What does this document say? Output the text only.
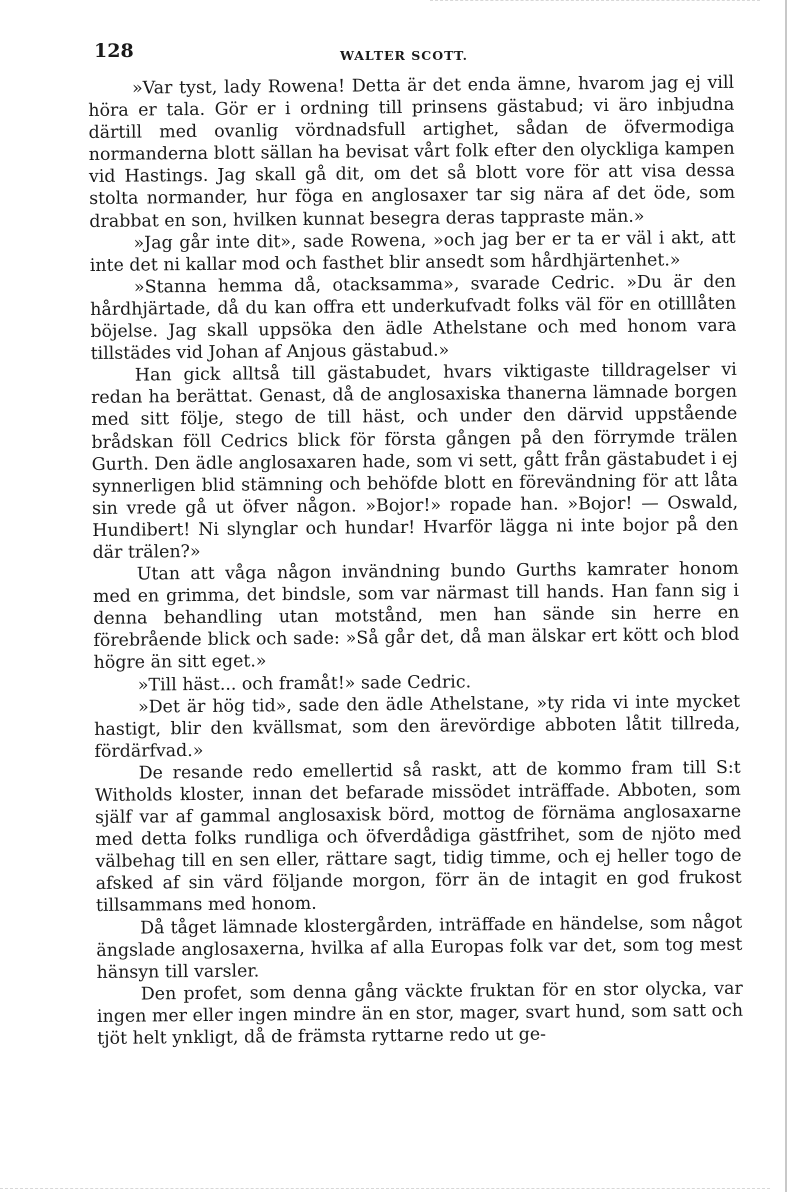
128	WALTER SCOTT.

»Var tyst, lady Rowena! Detta är det enda ämne, hvarom jag ej vill höra er tala. Gör er i ordning till prinsens gästabud; vi äro inbjudna därtill med ovanlig vördnadsfull artighet, sådan de öfvermodiga normanderna blott sällan ha bevisat vårt folk efter den olyckliga kampen vid Hastings. Jag skall gå dit, om det så blott vore för att visa dessa stolta normander, hur föga en anglosaxer tar sig nära af det öde, som drabbat en son, hvilken kunnat besegra deras tappraste män.»

»Jag går inte dit», sade Rowena, »och jag ber er ta er väl i akt, att inte det ni kallar mod och fasthet blir ansedt som hårdhjärtenhet.»

»Stanna hemma då, otacksamma», svarade Cedric. »Du är den hårdhjärtade, då du kan offra ett underkufvadt folks väl för en otilllåten böjelse. Jag skall uppsöka den ädle Athelstane och med honom vara tillstädes vid Johan af Anjous gästabud.»

Han gick alltså till gästabudet, hvars viktigaste tilldragelser vi redan ha berättat. Genast, då de anglosaxiska thanerna lämnade borgen med sitt följe, stego de till häst, och under den därvid uppstående brådskan föll Cedrics blick för första gången på den förrymde trälen Gurth. Den ädle anglosaxaren hade, som vi sett, gått från gästabudet i ej synnerligen blid stämning och behöfde blott en förevändning för att låta sin vrede gå ut öfver någon. »Bojor!» ropade han. »Bojor! — Oswald, Hundibert! Ni slynglar och hundar! Hvarför lägga ni inte bojor på den där trälen?»

Utan att våga någon invändning bundo Gurths kamrater honom med en grimma, det bindsle, som var närmast till hands. Han fann sig i denna behandling utan motstånd, men han sände sin herre en förebrående blick och sade: »Så går det, då man älskar ert kött och blod högre än sitt eget.»

»Till häst... och framåt!» sade Cedric.

»Det är hög tid», sade den ädle Athelstane, »ty rida vi inte mycket hastigt, blir den kvällsmat, som den ärevördige abboten låtit tillreda, fördärfvad.»

De resande redo emellertid så raskt, att de kommo fram till S:t Witholds kloster, innan det befarade missödet inträffade. Abboten, som själf var af gammal anglosaxisk börd, mottog de förnäma anglosaxarne med detta folks rundliga och öfverdådiga gästfrihet, som de njöto med välbehag till en sen eller, rättare sagt, tidig timme, och ej heller togo de afsked af sin värd följande morgon, förr än de intagit en god frukost tillsammans med honom.

Då tåget lämnade klostergården, inträffade en händelse, som något ängslade anglosaxerna, hvilka af alla Europas folk var det, som tog mest hänsyn till varsler.

Den profet, som denna gång väckte fruktan för en stor olycka, var ingen mer eller ingen mindre än en stor, mager, svart hund, som satt och tjöt helt ynkligt, då de främsta ryttarne redo ut ge-
